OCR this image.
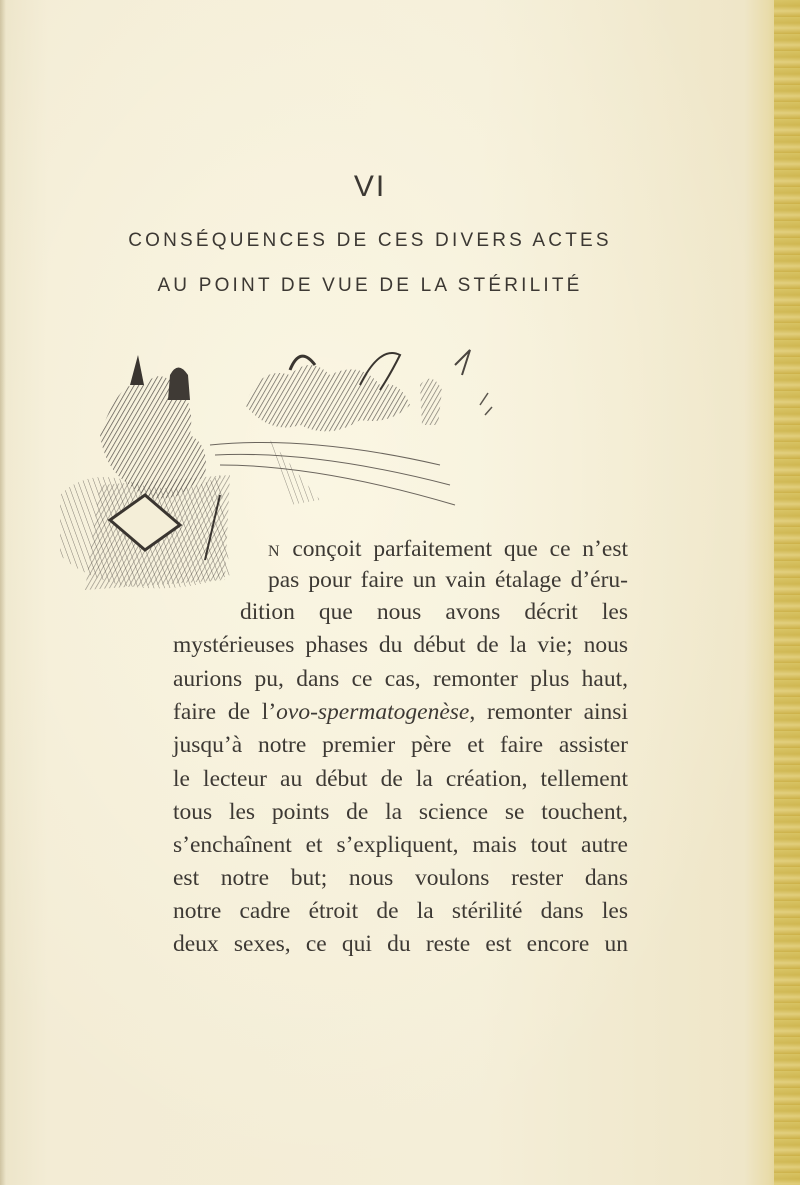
VI
CONSÉQUENCES DE CES DIVERS ACTES
AU POINT DE VUE DE LA STÉRILITÉ
N conçoit parfaitement que ce n’est
pas pour faire un vain étalage d’éru-
dition que nous avons décrit les
mystérieuses phases du début de la vie; nous
aurions pu, dans ce cas, remonter plus haut,
faire de l’ovo-spermatogenèse, remonter ainsi
jusqu’à notre premier père et faire assister
le lecteur au début de la création, tellement
tous les points de la science se touchent,
s’enchaînent et s’expliquent, mais tout autre
est notre but; nous voulons rester dans
notre cadre étroit de la stérilité dans les
deux sexes, ce qui du reste est encore un
